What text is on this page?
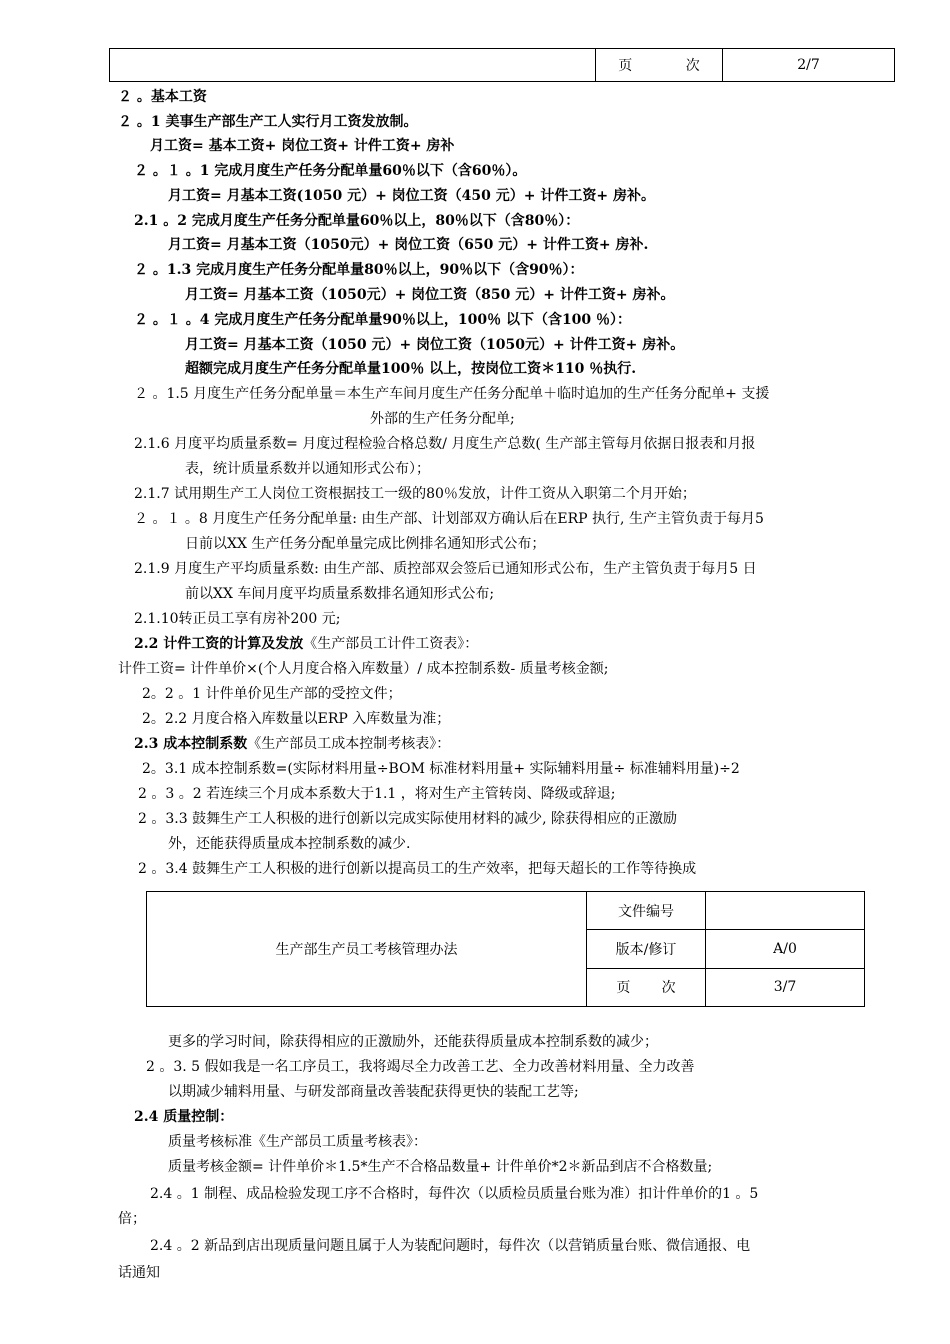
	页            次	2/7
２ 。基本工资
２ 。1 美事生产部生产工人实行月工资发放制。
月工资= 基本工资+ 岗位工资+ 计件工资+ 房补
２ 。１ 。1 完成月度生产任务分配单量60％以下（含60％）。
月工资= 月基本工资(1050 元）+ 岗位工资（450 元）+ 计件工资+ 房补。
2.1 。2 完成月度生产任务分配单量60％以上，80％以下（含80％）：
月工资= 月基本工资（1050元）+ 岗位工资（650 元）+ 计件工资+ 房补.
２ 。1.3 完成月度生产任务分配单量80％以上，90％以下（含90％）：
月工资= 月基本工资（1050元）+ 岗位工资（850 元）+ 计件工资+ 房补。
２ 。１ 。4 完成月度生产任务分配单量90％以上，100％ 以下（含100 ％）：
月工资= 月基本工资（1050 元）+ 岗位工资（1050元）+ 计件工资+ 房补。
超额完成月度生产任务分配单量100％ 以上，按岗位工资＊110 ％执行.
２ 。1.5 月度生产任务分配单量＝本生产车间月度生产任务分配单＋临时追加的生产任务分配单+ 支援
外部的生产任务分配单;
2.1.6 月度平均质量系数= 月度过程检验合格总数/ 月度生产总数( 生产部主管每月依据日报表和月报
表，统计质量系数并以通知形式公布）；
2.1.7 试用期生产工人岗位工资根据技工一级的80％发放，计件工资从入职第二个月开始；
２ 。１ 。8 月度生产任务分配单量: 由生产部、计划部双方确认后在ERP 执行, 生产主管负责于每月5
日前以XX 生产任务分配单量完成比例排名通知形式公布；
2.1.9 月度生产平均质量系数: 由生产部、质控部双会签后已通知形式公布，生产主管负责于每月5 日
前以XX 车间月度平均质量系数排名通知形式公布;
2.1.10转正员工享有房补200 元;
2.2 计件工资的计算及发放《生产部员工计件工资表》：
计件工资= 计件单价×(个人月度合格入库数量）/ 成本控制系数- 质量考核金额;
2。2 。1 计件单价见生产部的受控文件；
2。2.2 月度合格入库数量以ERP 入库数量为准；
2.3 成本控制系数《生产部员工成本控制考核表》：
2。3.1 成本控制系数=(实际材料用量÷BOM 标准材料用量+ 实际辅料用量÷ 标准辅料用量)÷2
2 。3 。2 若连续三个月成本系数大于1.1 ，将对生产主管转岗、降级或辞退;
2 。3.3 鼓舞生产工人积极的进行创新以完成实际使用材料的减少, 除获得相应的正激励
外，还能获得质量成本控制系数的减少.
2 。3.4 鼓舞生产工人积极的进行创新以提高员工的生产效率，把每天超长的工作等待换成
生产部生产员工考核管理办法	文件编号	
	版本/修订	A/0
	页       次	3/7
更多的学习时间，除获得相应的正激励外，还能获得质量成本控制系数的减少；
2 。3. 5 假如我是一名工序员工，我将竭尽全力改善工艺、全力改善材料用量、全力改善
以期减少辅料用量、与研发部商量改善装配获得更快的装配工艺等;
2.4 质量控制：
质量考核标准《生产部员工质量考核表》：
质量考核金额= 计件单价＊1.5*生产不合格品数量+ 计件单价*2＊新品到店不合格数量;
2.4 。1 制程、成品检验发现工序不合格时，每件次（以质检员质量台账为准）扣计件单价的1 。5
倍；
2.4 。2 新品到店出现质量问题且属于人为装配问题时，每件次（以营销质量台账、微信通报、电
话通知
